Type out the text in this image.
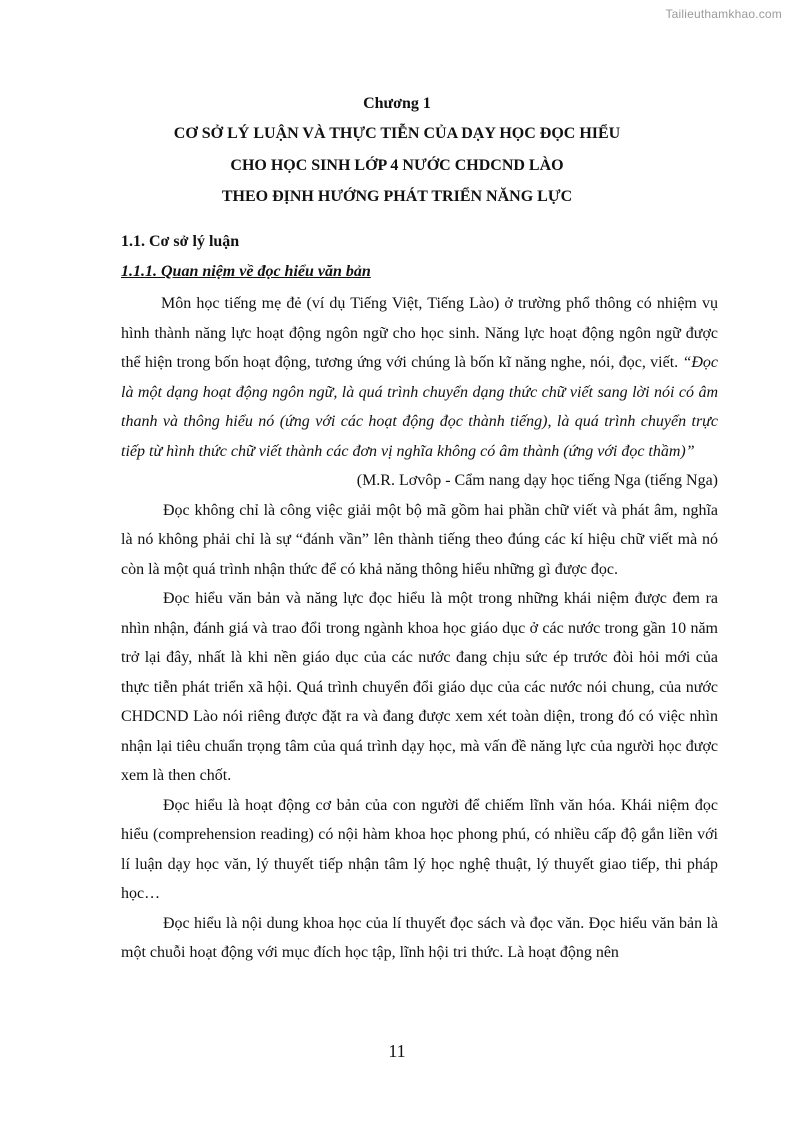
Tailieuthamkhao.com
Chương 1
CƠ SỞ LÝ LUẬN VÀ THỰC TIỄN CỦA DẠY HỌC ĐỌC HIỂU
CHO HỌC SINH LỚP 4 NƯỚC CHDCND LÀO
THEO ĐỊNH HƯỚNG PHÁT TRIỂN NĂNG LỰC
1.1. Cơ sở lý luận
1.1.1. Quan niệm về đọc hiểu văn bản

Môn học tiếng mẹ đẻ (ví dụ Tiếng Việt, Tiếng Lào) ở trường phổ thông có nhiệm vụ hình thành năng lực hoạt động ngôn ngữ cho học sinh. Năng lực hoạt động ngôn ngữ được thể hiện trong bốn hoạt động, tương ứng với chúng là bốn kĩ năng nghe, nói, đọc, viết. “Đọc là một dạng hoạt động ngôn ngữ, là quá trình chuyển dạng thức chữ viết sang lời nói có âm thanh và thông hiểu nó (ứng với các hoạt động đọc thành tiếng), là quá trình chuyển trực tiếp từ hình thức chữ viết thành các đơn vị nghĩa không có âm thành (ứng với đọc thầm)”

(M.R. Lơvôp - Cẩm nang dạy học tiếng Nga (tiếng Nga)

Đọc không chỉ là công việc giải một bộ mã gồm hai phần chữ viết và phát âm, nghĩa là nó không phải chỉ là sự “đánh vần” lên thành tiếng theo đúng các kí hiệu chữ viết mà nó còn là một quá trình nhận thức để có khả năng thông hiểu những gì được đọc.

Đọc hiểu văn bản và năng lực đọc hiểu là một trong những khái niệm được đem ra nhìn nhận, đánh giá và trao đổi trong ngành khoa học giáo dục ở các nước trong gần 10 năm trở lại đây, nhất là khi nền giáo dục của các nước đang chịu sức ép trước đòi hỏi mới của thực tiễn phát triển xã hội. Quá trình chuyển đổi giáo dục của các nước nói chung, của nước CHDCND Lào nói riêng được đặt ra và đang được xem xét toàn diện, trong đó có việc nhìn nhận lại tiêu chuẩn trọng tâm của quá trình dạy học, mà vấn đề năng lực của người học được xem là then chốt.

Đọc hiểu là hoạt động cơ bản của con người để chiếm lĩnh văn hóa. Khái niệm đọc hiểu (comprehension reading) có nội hàm khoa học phong phú, có nhiều cấp độ gắn liền với lí luận dạy học văn, lý thuyết tiếp nhận tâm lý học nghệ thuật, lý thuyết giao tiếp, thi pháp học…

Đọc hiểu là nội dung khoa học của lí thuyết đọc sách và đọc văn. Đọc hiểu văn bản là một chuỗi hoạt động với mục đích học tập, lĩnh hội tri thức. Là hoạt động nên

11
